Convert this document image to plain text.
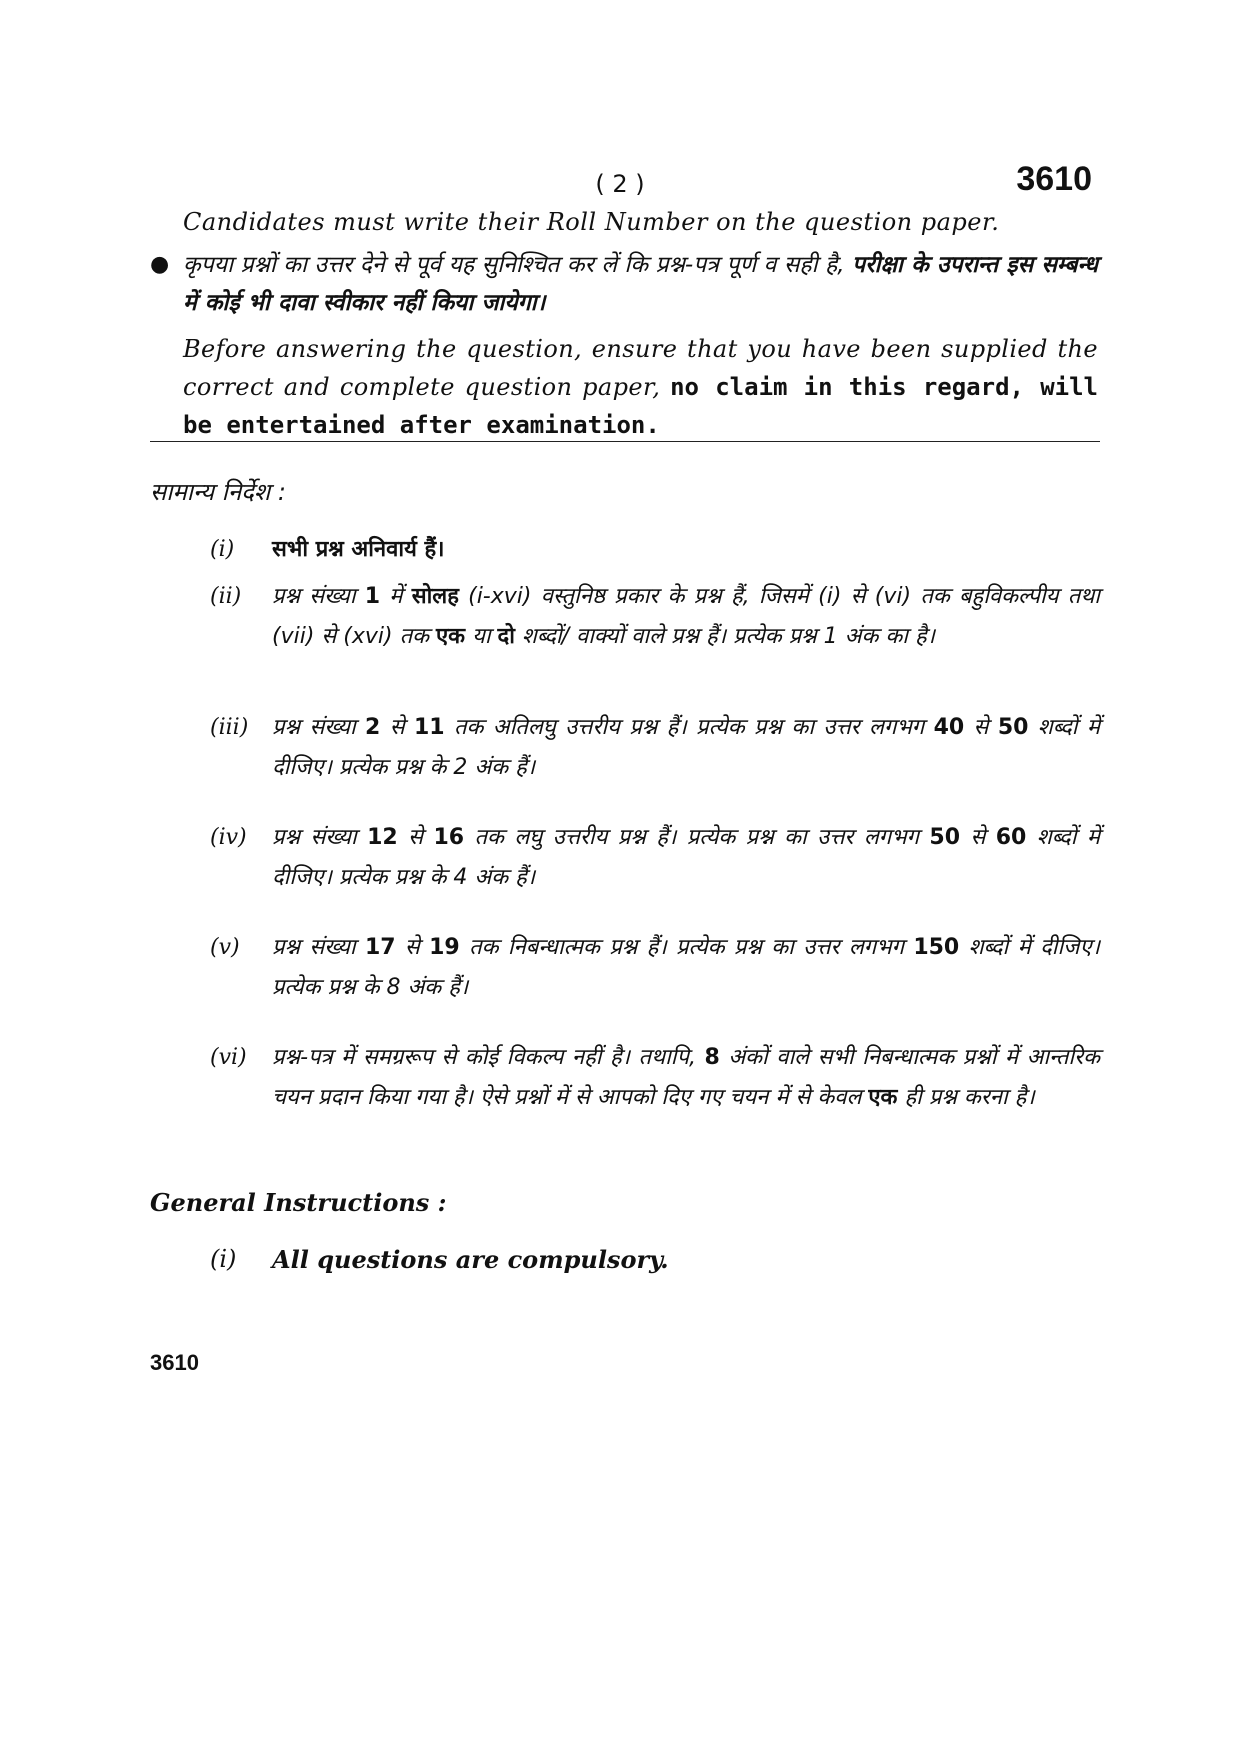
( 2 )	3610
Candidates must write their Roll Number on the question paper.
● कृपया प्रश्नों का उत्तर देने से पूर्व यह सुनिश्चित कर लें कि प्रश्न-पत्र पूर्ण व सही है, परीक्षा के उपरान्त इस सम्बन्ध में कोई भी दावा स्वीकार नहीं किया जायेगा।
Before answering the question, ensure that you have been supplied the correct and complete question paper, no claim in this regard, will be entertained after examination.
सामान्य निर्देश :
(i) सभी प्रश्न अनिवार्य हैं।
(ii) प्रश्न संख्या 1 में सोलह (i-xvi) वस्तुनिष्ठ प्रकार के प्रश्न हैं, जिसमें (i) से (vi) तक बहुविकल्पीय तथा (vii) से (xvi) तक एक या दो शब्दों/ वाक्यों वाले प्रश्न हैं। प्रत्येक प्रश्न 1 अंक का है।
(iii) प्रश्न संख्या 2 से 11 तक अतिलघु उत्तरीय प्रश्न हैं। प्रत्येक प्रश्न का उत्तर लगभग 40 से 50 शब्दों में दीजिए। प्रत्येक प्रश्न के 2 अंक हैं।
(iv) प्रश्न संख्या 12 से 16 तक लघु उत्तरीय प्रश्न हैं। प्रत्येक प्रश्न का उत्तर लगभग 50 से 60 शब्दों में दीजिए। प्रत्येक प्रश्न के 4 अंक हैं।
(v) प्रश्न संख्या 17 से 19 तक निबन्धात्मक प्रश्न हैं। प्रत्येक प्रश्न का उत्तर लगभग 150 शब्दों में दीजिए। प्रत्येक प्रश्न के 8 अंक हैं।
(vi) प्रश्न-पत्र में समग्ररूप से कोई विकल्प नहीं है। तथापि, 8 अंकों वाले सभी निबन्धात्मक प्रश्नों में आन्तरिक चयन प्रदान किया गया है। ऐसे प्रश्नों में से आपको दिए गए चयन में से केवल एक ही प्रश्न करना है।
General Instructions :
(i) All questions are compulsory.
3610
